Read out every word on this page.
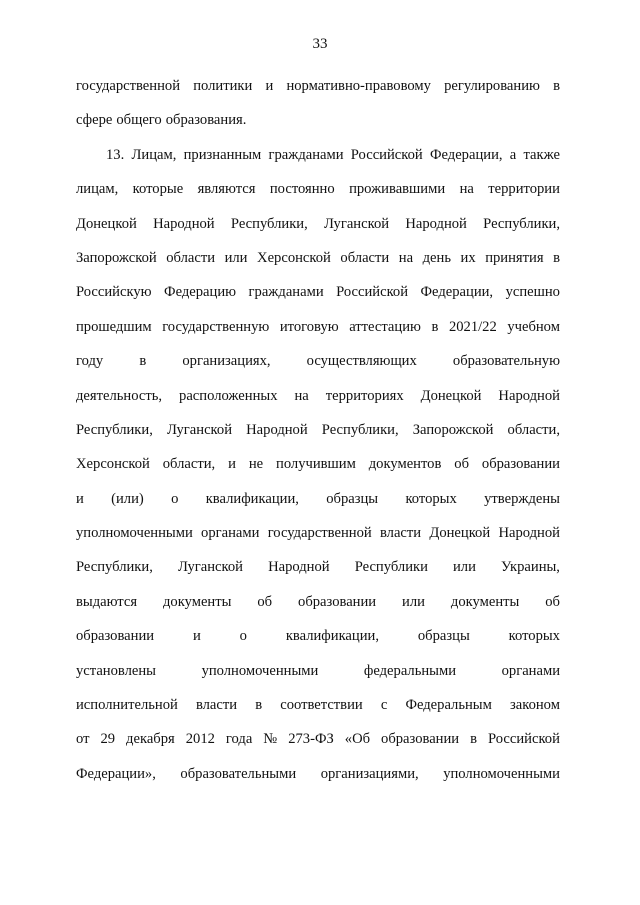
33
государственной политики и нормативно-правовому регулированию в
сфере общего образования.
13. Лицам, признанным гражданами Российской Федерации, а также
лицам, которые являются постоянно проживавшими на территории
Донецкой Народной Республики, Луганской Народной Республики,
Запорожской области или Херсонской области на день их принятия в
Российскую Федерацию гражданами Российской Федерации, успешно
прошедшим государственную итоговую аттестацию в 2021/22 учебном
году в организациях, осуществляющих образовательную
деятельность, расположенных на территориях Донецкой Народной
Республики, Луганской Народной Республики, Запорожской области,
Херсонской области, и не получившим документов об образовании
и (или) о квалификации, образцы которых утверждены
уполномоченными органами государственной власти Донецкой Народной
Республики, Луганской Народной Республики или Украины,
выдаются документы об образовании или документы об
образовании	и	о	квалификации,	образцы	которых
установлены	уполномоченными	федеральными	органами
исполнительной власти в соответствии с Федеральным законом
от 29 декабря 2012 года № 273-ФЗ «Об образовании в Российской
Федерации», образовательными организациями, уполномоченными
